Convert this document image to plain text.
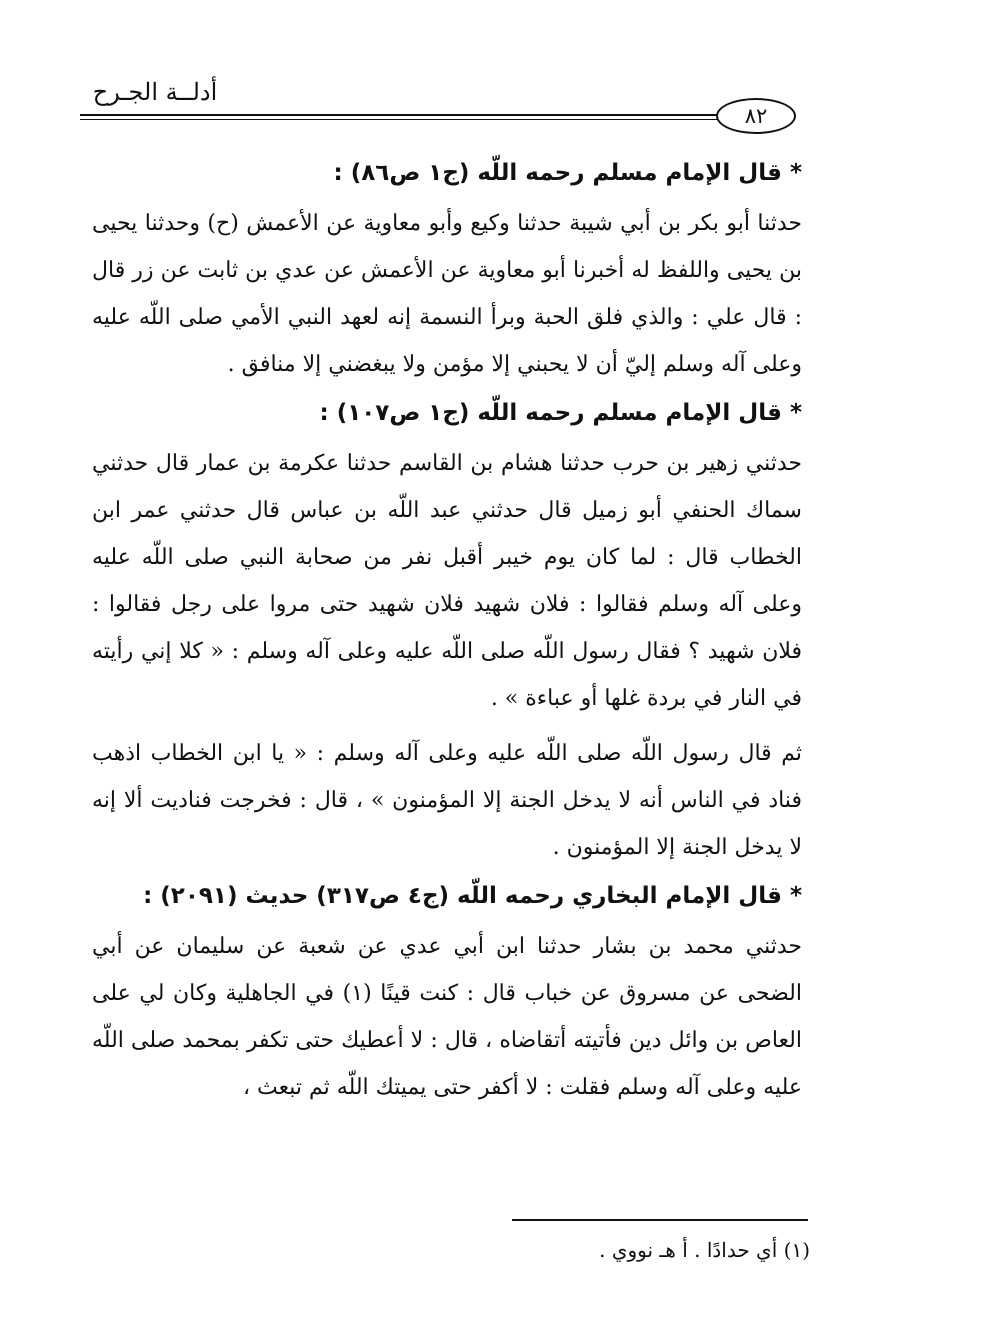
أدلــة الجـرح
٨٢
* قال الإمام مسلم رحمه اللّه (ج١ ص٨٦) :

حدثنا أبو بكر بن أبي شيبة حدثنا وكيع وأبو معاوية عن الأعمش (ح) وحدثنا يحيى بن يحيى واللفظ له أخبرنا أبو معاوية عن الأعمش عن عدي بن ثابت عن زر قال : قال علي : والذي فلق الحبة وبرأ النسمة إنه لعهد النبي الأمي صلى اللّه عليه وعلى آله وسلم إليّ أن لا يحبني إلا مؤمن ولا يبغضني إلا منافق .

* قال الإمام مسلم رحمه اللّه (ج١ ص١٠٧) :

حدثني زهير بن حرب حدثنا هشام بن القاسم حدثنا عكرمة بن عمار قال حدثني سماك الحنفي أبو زميل قال حدثني عبد اللّه بن عباس قال حدثني عمر ابن الخطاب قال : لما كان يوم خيبر أقبل نفر من صحابة النبي صلى اللّه عليه وعلى آله وسلم فقالوا : فلان شهيد فلان شهيد حتى مروا على رجل فقالوا : فلان شهيد ؟ فقال رسول اللّه صلى اللّه عليه وعلى آله وسلم : « كلا إني رأيته في النار في بردة غلها أو عباءة » .

ثم قال رسول اللّه صلى اللّه عليه وعلى آله وسلم : « يا ابن الخطاب اذهب فناد في الناس أنه لا يدخل الجنة إلا المؤمنون » ، قال : فخرجت فناديت ألا إنه لا يدخل الجنة إلا المؤمنون .

* قال الإمام البخاري رحمه اللّه (ج٤ ص٣١٧) حديث (٢٠٩١) :

حدثني محمد بن بشار حدثنا ابن أبي عدي عن شعبة عن سليمان عن أبي الضحى عن مسروق عن خباب قال : كنت قينًا (١) في الجاهلية وكان لي على العاص بن وائل دين فأتيته أتقاضاه ، قال : لا أعطيك حتى تكفر بمحمد صلى اللّه عليه وعلى آله وسلم فقلت : لا أكفر حتى يميتك اللّه ثم تبعث ،

(١) أي حدادًا . أ هـ نووي .
